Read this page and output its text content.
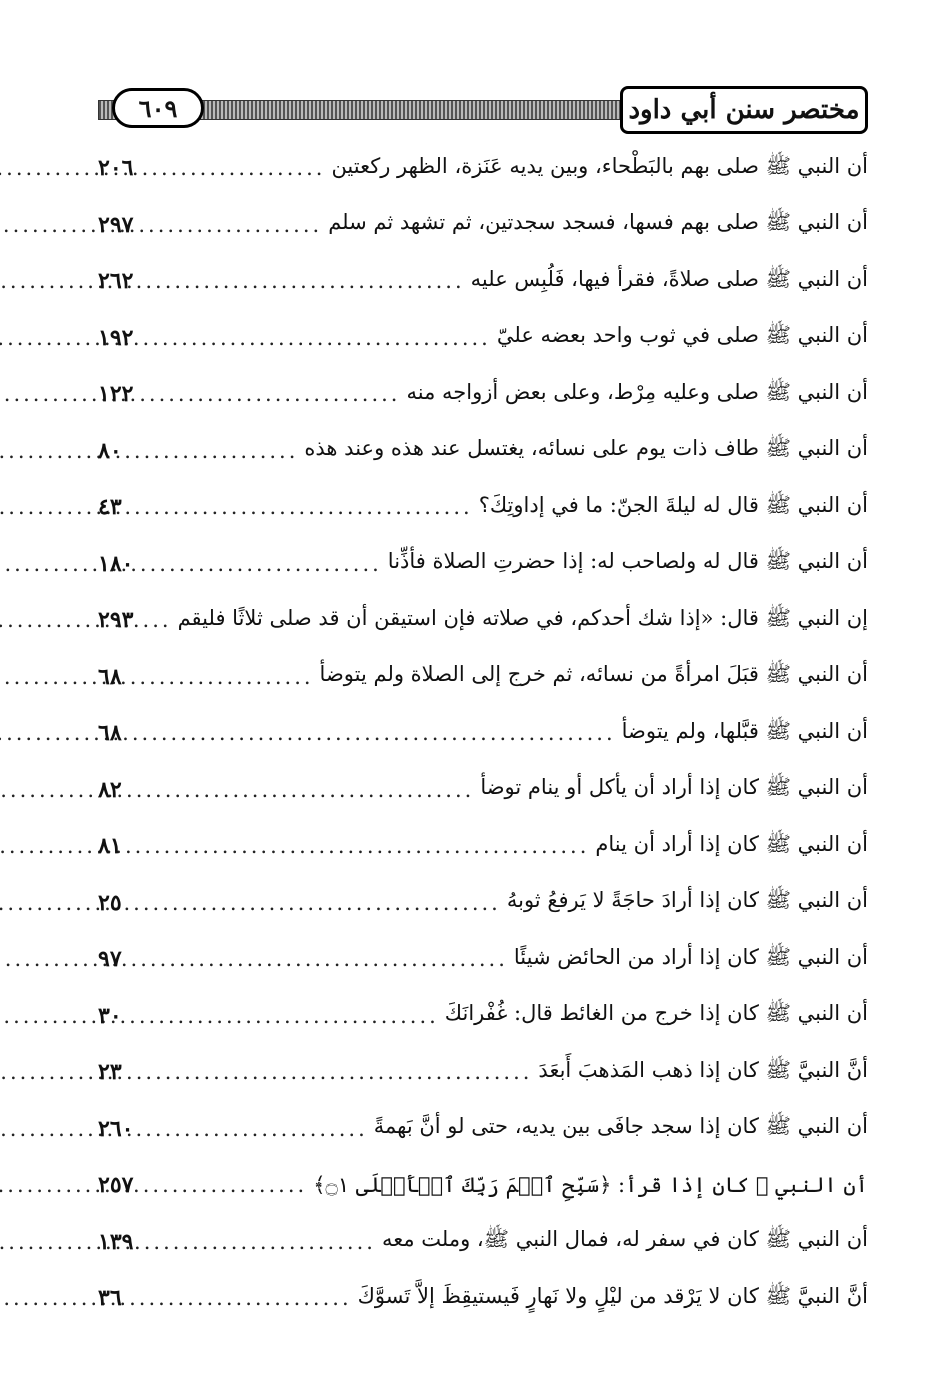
٦٠٩	مختصر سنن أبي داود
أن النبي ﷺ صلى بهم بالبَطْحاء، وبين يديه عَنَزة، الظهر ركعتين
.....
٢٠٦
أن النبي ﷺ صلى بهم فسها، فسجد سجدتين، ثم تشهد ثم سلم
.....
٢٩٧
أن النبي ﷺ صلى صلاةً، فقرأ فيها، فَلُبِس عليه
.....
٢٦٢
أن النبي ﷺ صلى في ثوب واحد بعضه عليّ
.....
١٩٢
أن النبي ﷺ صلى وعليه مِرْط، وعلى بعض أزواجه منه
.....
١٢٢
أن النبي ﷺ طاف ذات يوم على نسائه، يغتسل عند هذه وعند هذه
.....
٨٠
أن النبي ﷺ قال له ليلةَ الجنّ: ما في إداوتِكَ؟
.....
٤٣
أن النبي ﷺ قال له ولصاحب له: إذا حضرتِ الصلاة فأذِّنا
.....
١٨٠
إن النبي ﷺ قال: «إذا شك أحدكم، في صلاته فإن استيقن أن قد صلى ثلاثًا فليقم
.....
٢٩٣
أن النبي ﷺ قبَلَ امرأةً من نسائه، ثم خرج إلى الصلاة ولم يتوضأ
.....
٦٨
أن النبي ﷺ قبَّلها، ولم يتوضأ
.....
٦٨
أن النبي ﷺ كان إذا أراد أن يأكل أو ينام توضأ
.....
٨٢
أن النبي ﷺ كان إذا أراد أن ينام
.....
٨١
أن النبي ﷺ كان إذا أرادَ حاجَةً لا يَرفعُ ثوبهُ
.....
٢٥
أن النبي ﷺ كان إذا أراد من الحائض شيئًا
.....
٩٧
أن النبي ﷺ كان إذا خرج من الغائط قال: غُفْرانَكَ
.....
٣٠
أنَّ النبيَّ ﷺ كان إذا ذهب المَذهبَ أَبعَدَ
.....
٢٣
أن النبي ﷺ كان إذا سجد جافَى بين يديه، حتى لو أنَّ بَهمةً
.....
٢٦٠
أن النبي ﷺ كان إذا قرأ: ﴿سَبِّحِ ٱسۡمَ رَبِّكَ ٱلۡأَعۡلَى ۝١﴾
.....
٢٥٧
أن النبي ﷺ كان في سفر له، فمال النبي ﷺ، وملت معه
.....
١٣٩
أنَّ النبيَّ ﷺ كان لا يَرْقد من ليْلٍ ولا نَهارٍ فَيستيقِظَ إلاَّ تَسوَّكَ
.....
٣٦
